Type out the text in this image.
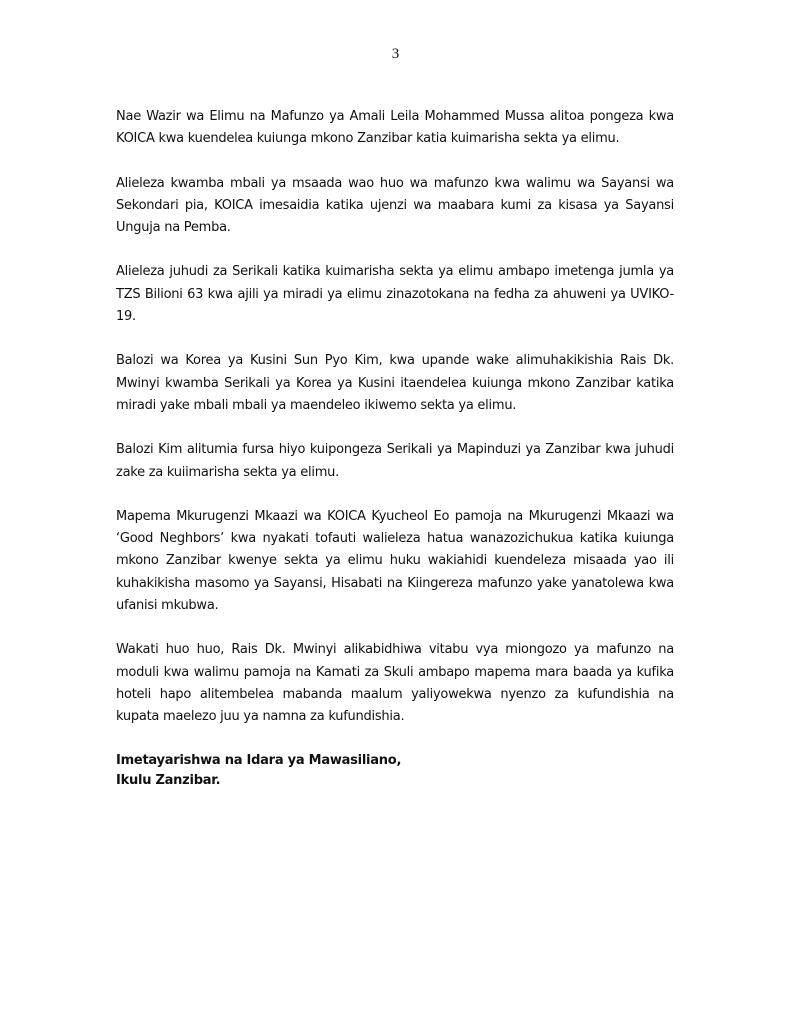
3

Nae Wazir wa Elimu na Mafunzo ya Amali Leila Mohammed Mussa alitoa pongeza kwa KOICA kwa kuendelea kuiunga mkono Zanzibar katia kuimarisha sekta ya elimu.

Alieleza kwamba mbali ya msaada wao huo wa mafunzo kwa walimu wa Sayansi wa Sekondari pia, KOICA imesaidia katika ujenzi wa maabara kumi za kisasa ya Sayansi Unguja na Pemba.

Alieleza juhudi za Serikali katika kuimarisha sekta ya elimu ambapo imetenga jumla ya TZS Bilioni 63 kwa ajili ya miradi ya elimu zinazotokana na fedha za ahuweni ya UVIKO-19.

Balozi wa Korea ya Kusini Sun Pyo Kim, kwa upande wake alimuhakikishia Rais Dk. Mwinyi kwamba Serikali ya Korea ya Kusini itaendelea kuiunga mkono Zanzibar katika miradi yake mbali mbali ya maendeleo ikiwemo sekta ya elimu.

Balozi Kim alitumia fursa hiyo kuipongeza Serikali ya Mapinduzi ya Zanzibar kwa juhudi zake za kuiimarisha sekta ya elimu.

Mapema Mkurugenzi Mkaazi wa KOICA Kyucheol Eo pamoja na Mkurugenzi Mkaazi wa ‘Good Neghbors’ kwa nyakati tofauti walieleza hatua wanazozichukua katika kuiunga mkono Zanzibar kwenye sekta ya elimu huku wakiahidi kuendeleza misaada yao ili kuhakikisha masomo ya Sayansi, Hisabati na Kiingereza mafunzo yake yanatolewa kwa ufanisi mkubwa.

Wakati huo huo, Rais Dk. Mwinyi alikabidhiwa vitabu vya miongozo ya mafunzo na moduli kwa walimu pamoja na Kamati za Skuli ambapo mapema mara baada ya kufika hoteli hapo alitembelea mabanda maalum yaliyowekwa nyenzo za kufundishia na kupata maelezo juu ya namna za kufundishia.

Imetayarishwa na Idara ya Mawasiliano,
Ikulu Zanzibar.
